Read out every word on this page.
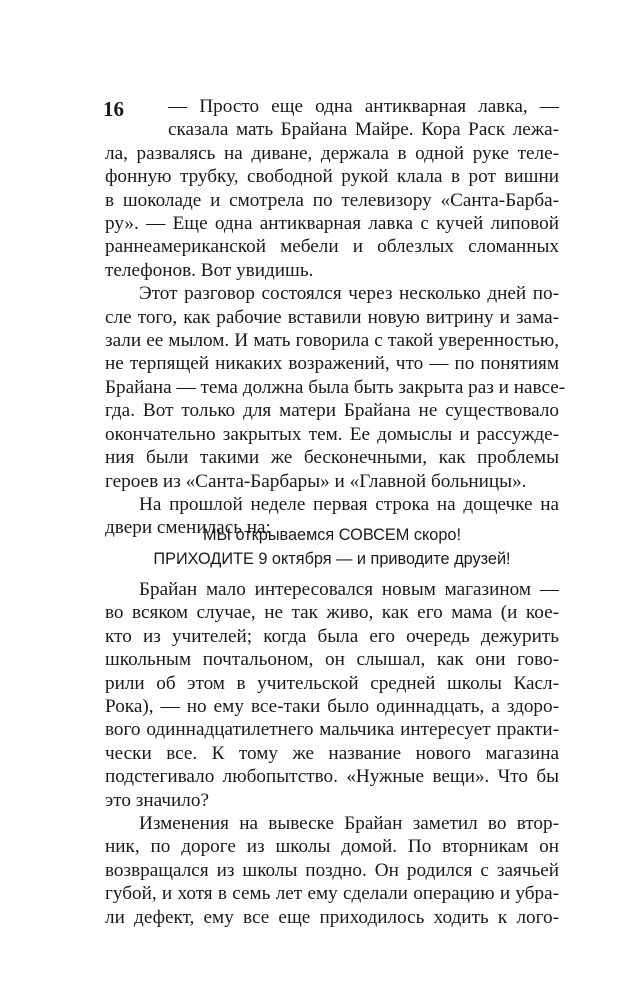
16	— Просто еще одна антикварная лавка, —
сказала мать Брайана Майре. Кора Раск лежа-
ла, развалясь на диване, держала в одной руке теле-
фонную трубку, свободной рукой клала в рот вишни
в шоколаде и смотрела по телевизору «Санта-Барба-
ру». — Еще одна антикварная лавка с кучей липовой
раннеамериканской мебели и облезлых сломанных
телефонов. Вот увидишь.
Этот разговор состоялся через несколько дней по-
сле того, как рабочие вставили новую витрину и зама-
зали ее мылом. И мать говорила с такой уверенностью,
не терпящей никаких возражений, что — по понятиям
Брайана — тема должна была быть закрыта раз и навсе-
гда. Вот только для матери Брайана не существовало
окончательно закрытых тем. Ее домыслы и рассужде-
ния были такими же бесконечными, как проблемы
героев из «Санта-Барбары» и «Главной больницы».
На прошлой неделе первая строка на дощечке на
двери сменилась на:
МЫ открываемся СОВСЕМ скоро!
ПРИХОДИТЕ 9 октября — и приводите друзей!
Брайан мало интересовался новым магазином —
во всяком случае, не так живо, как его мама (и кое-
кто из учителей; когда была его очередь дежурить
школьным почтальоном, он слышал, как они гово-
рили об этом в учительской средней школы Касл-
Рока), — но ему все-таки было одиннадцать, а здоро-
вого одиннадцатилетнего мальчика интересует практи-
чески все. К тому же название нового магазина
подстегивало любопытство. «Нужные вещи». Что бы
это значило?
Изменения на вывеске Брайан заметил во втор-
ник, по дороге из школы домой. По вторникам он
возвращался из школы поздно. Он родился с заячьей
губой, и хотя в семь лет ему сделали операцию и убра-
ли дефект, ему все еще приходилось ходить к лого-
